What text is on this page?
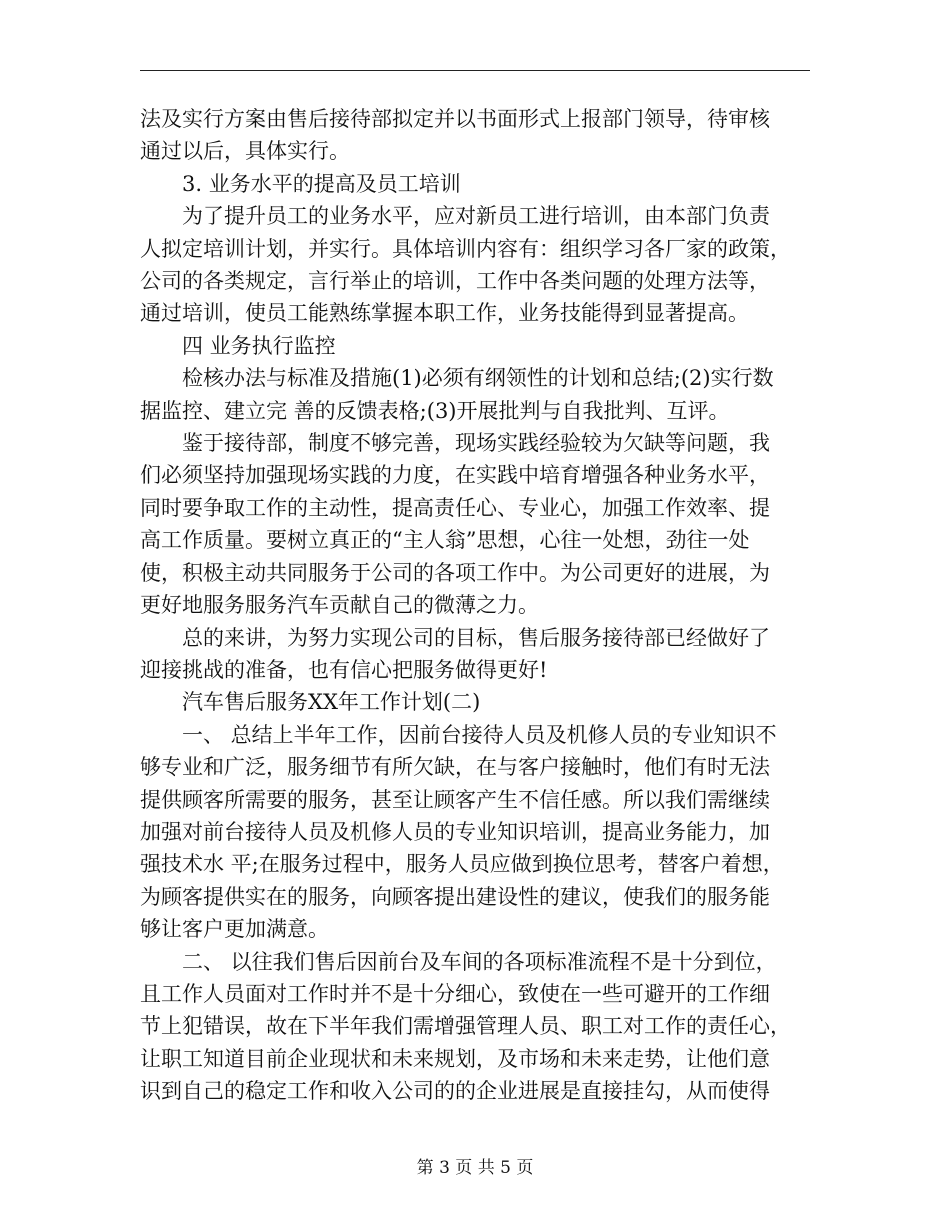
法及实行方案由售后接待部拟定并以书面形式上报部门领导，待审核
通过以后，具体实行。
　　3. 业务水平的提高及员工培训
　　为了提升员工的业务水平，应对新员工进行培训，由本部门负责
人拟定培训计划，并实行。具体培训内容有：组织学习各厂家的政策，
公司的各类规定，言行举止的培训，工作中各类问题的处理方法等，
通过培训，使员工能熟练掌握本职工作，业务技能得到显著提高。
　　四 业务执行监控
　　检核办法与标准及措施(1)必须有纲领性的计划和总结;(2)实行数
据监控、建立完 善的反馈表格;(3)开展批判与自我批判、互评。
　　鉴于接待部，制度不够完善，现场实践经验较为欠缺等问题，我
们必须坚持加强现场实践的力度，在实践中培育增强各种业务水平，
同时要争取工作的主动性，提高责任心、专业心，加强工作效率、提
高工作质量。要树立真正的“主人翁”思想，心往一处想，劲往一处
使，积极主动共同服务于公司的各项工作中。为公司更好的进展，为
更好地服务服务汽车贡献自己的微薄之力。
　　总的来讲，为努力实现公司的目标，售后服务接待部已经做好了
迎接挑战的准备，也有信心把服务做得更好!
　　汽车售后服务XX年工作计划(二)
　　一、 总结上半年工作，因前台接待人员及机修人员的专业知识不
够专业和广泛，服务细节有所欠缺，在与客户接触时，他们有时无法
提供顾客所需要的服务，甚至让顾客产生不信任感。所以我们需继续
加强对前台接待人员及机修人员的专业知识培训，提高业务能力，加
强技术水 平;在服务过程中，服务人员应做到换位思考，替客户着想，
为顾客提供实在的服务，向顾客提出建设性的建议，使我们的服务能
够让客户更加满意。
　　二、 以往我们售后因前台及车间的各项标准流程不是十分到位，
且工作人员面对工作时并不是十分细心，致使在一些可避开的工作细
节上犯错误，故在下半年我们需增强管理人员、职工对工作的责任心，
让职工知道目前企业现状和未来规划，及市场和未来走势，让他们意
识到自己的稳定工作和收入公司的的企业进展是直接挂勾，从而使得
第 3 页 共 5 页
